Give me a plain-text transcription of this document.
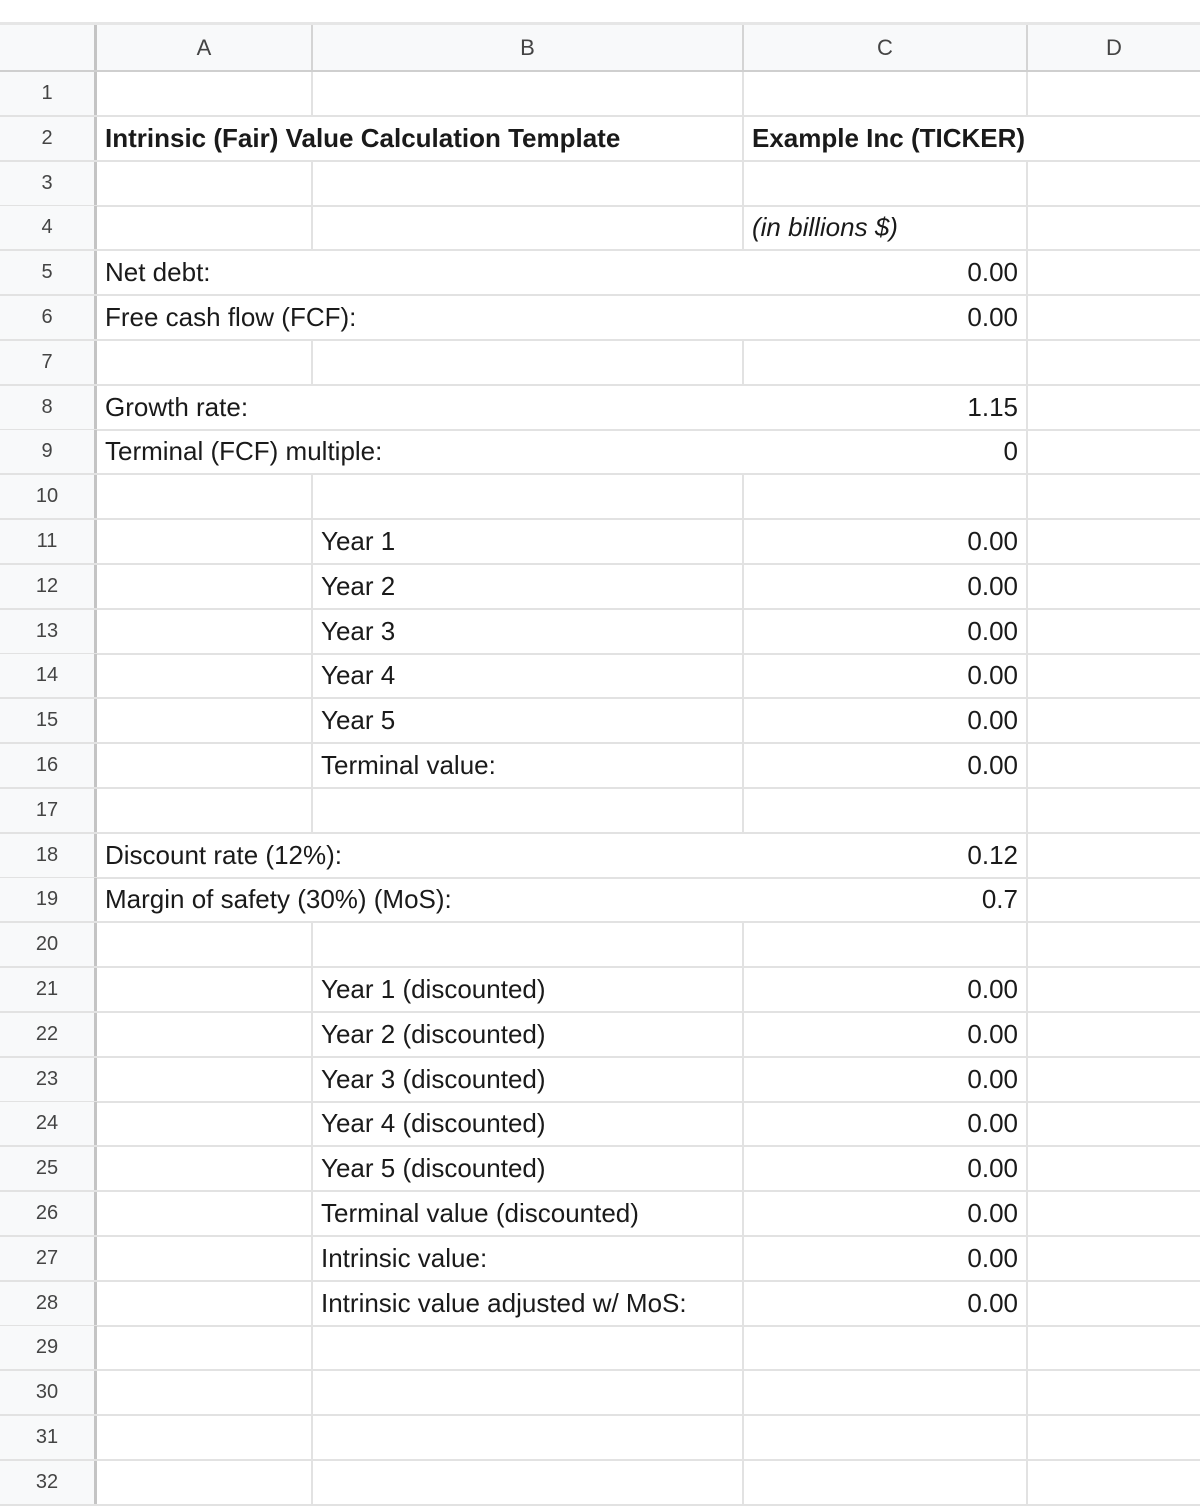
A	B	C	D
1
2	Intrinsic (Fair) Value Calculation Template	Example Inc (TICKER)
3
4	(in billions $)
5	Net debt:	0.00
6	Free cash flow (FCF):	0.00
7
8	Growth rate:	1.15
9	Terminal (FCF) multiple:	0
10
11	Year 1	0.00
12	Year 2	0.00
13	Year 3	0.00
14	Year 4	0.00
15	Year 5	0.00
16	Terminal value:	0.00
17
18	Discount rate (12%):	0.12
19	Margin of safety (30%) (MoS):	0.7
20
21	Year 1 (discounted)	0.00
22	Year 2 (discounted)	0.00
23	Year 3 (discounted)	0.00
24	Year 4 (discounted)	0.00
25	Year 5 (discounted)	0.00
26	Terminal value (discounted)	0.00
27	Intrinsic value:	0.00
28	Intrinsic value adjusted w/ MoS:	0.00
29
30
31
32
